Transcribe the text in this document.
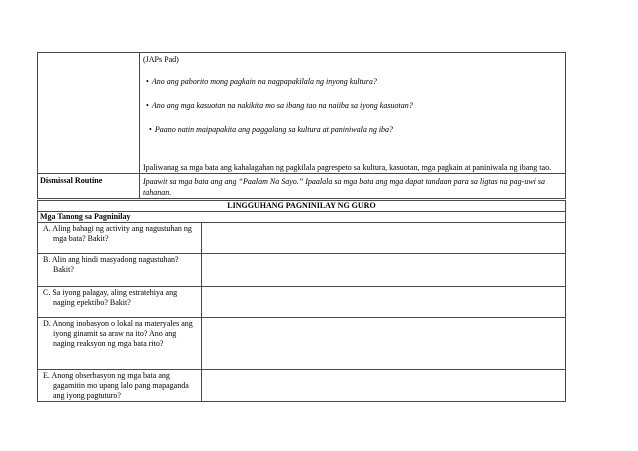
	(JAPs Pad)
• Ano ang paborito mong pagkain na nagpapakilala ng inyong kultura?
• Ano ang mga kasuotan na nakikita mo sa ibang tao na naiiba sa iyong kasuotan?
• Paano natin maipapakita ang paggalang sa kultura at paniniwala ng iba?
Ipaliwanag sa mga bata ang kahalagahan ng pagkilala pagrespeto sa kultura, kasuotan, mga pagkain at paniniwala ng ibang tao.

Dismissal Routine	Ipaawit sa mga bata ang ang “Paalam Na Sayo.” Ipaalala sa mga bata ang mga dapat tandaan para sa ligtas na pag-uwi sa tahanan.
LINGGUHANG PAGNINILAY NG GURO	
Mga Tanong sa Pagninilay	

A. Aling bahagi ng activity ang nagustuhan ng mga bata? Bakit?	

B. Alin ang hindi masyadong nagustuhan? Bakit?	

C. Sa iyong palagay, aling estratehiya ang naging epektibo? Bakit?	

D. Anong inobasyon o lokal na materyales ang iyong ginamit sa araw na ito? Ano ang naging reaksyon ng mga bata rito?	

E. Anong obserbasyon ng mga bata ang gagamitin mo upang lalo pang mapaganda ang iyong pagtuturo?	
